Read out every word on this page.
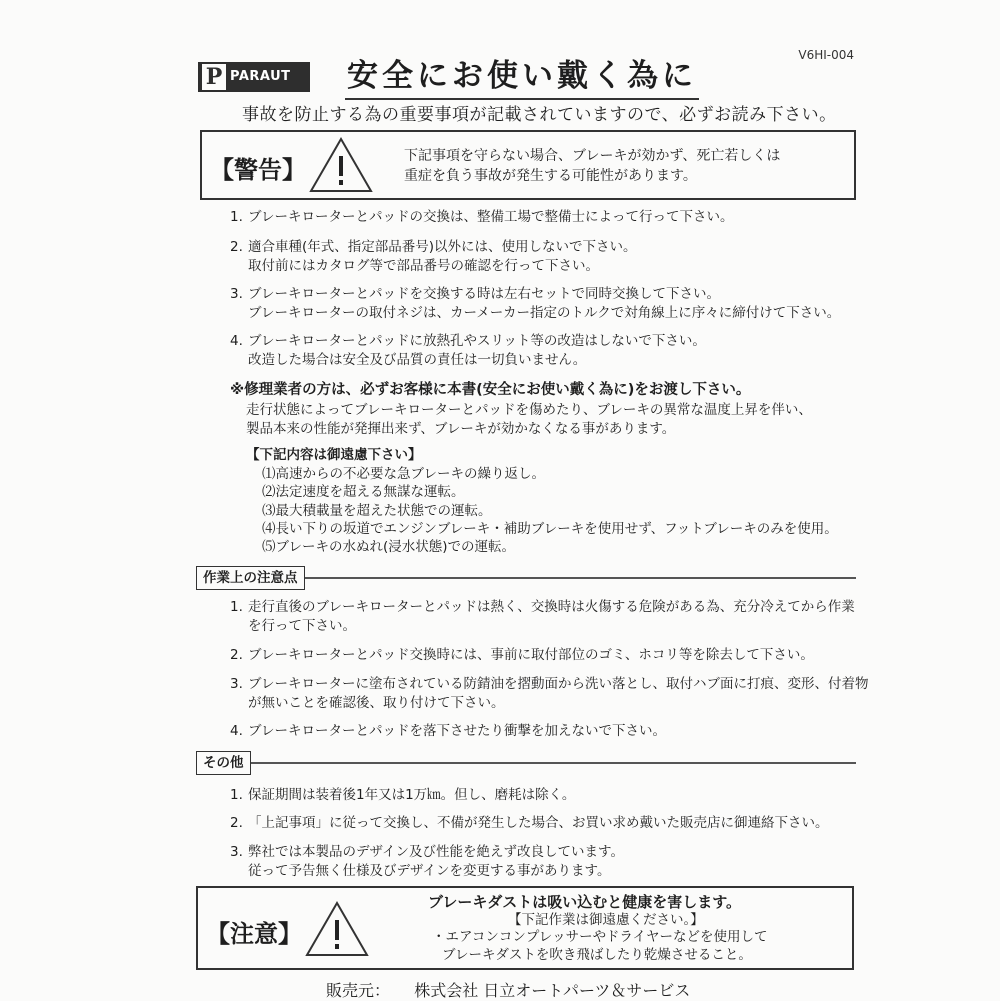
P PARAUT
V6HI-004
安全にお使い戴く為に
事故を防止する為の重要事項が記載されていますので、必ずお読み下さい。
【警告】	下記事項を守らない場合、ブレーキが効かず、死亡若しくは
重症を負う事故が発生する可能性があります。
1. ブレーキローターとパッドの交換は、整備工場で整備士によって行って下さい。
2. 適合車種(年式、指定部品番号)以外には、使用しないで下さい。
取付前にはカタログ等で部品番号の確認を行って下さい。
3. ブレーキローターとパッドを交換する時は左右セットで同時交換して下さい。
ブレーキローターの取付ネジは、カーメーカー指定のトルクで対角線上に序々に締付けて下さい。
4. ブレーキローターとパッドに放熱孔やスリット等の改造はしないで下さい。
改造した場合は安全及び品質の責任は一切負いません。
※修理業者の方は、必ずお客様に本書(安全にお使い戴く為に)をお渡し下さい。
走行状態によってブレーキローターとパッドを傷めたり、ブレーキの異常な温度上昇を伴い、
製品本来の性能が発揮出来ず、ブレーキが効かなくなる事があります。
【下記内容は御遠慮下さい】
⑴高速からの不必要な急ブレーキの繰り返し。
⑵法定速度を超える無謀な運転。
⑶最大積載量を超えた状態での運転。
⑷長い下りの坂道でエンジンブレーキ・補助ブレーキを使用せず、フットブレーキのみを使用。
⑸ブレーキの水ぬれ(浸水状態)での運転。
作業上の注意点
1. 走行直後のブレーキローターとパッドは熱く、交換時は火傷する危険がある為、充分冷えてから作業
を行って下さい。
2. ブレーキローターとパッド交換時には、事前に取付部位のゴミ、ホコリ等を除去して下さい。
3. ブレーキローターに塗布されている防錆油を摺動面から洗い落とし、取付ハブ面に打痕、変形、付着物
が無いことを確認後、取り付けて下さい。
4. ブレーキローターとパッドを落下させたり衝撃を加えないで下さい。
その他
1. 保証期間は装着後1年又は1万㎞。但し、磨耗は除く。
2. 「上記事項」に従って交換し、不備が発生した場合、お買い求め戴いた販売店に御連絡下さい。
3. 弊社では本製品のデザイン及び性能を絶えず改良しています。
従って予告無く仕様及びデザインを変更する事があります。
【注意】
ブレーキダストは吸い込むと健康を害します。
【下記作業は御遠慮ください。】
・エアコンコンプレッサーやドライヤーなどを使用して
ブレーキダストを吹き飛ばしたり乾燥させること。
販売元： 株式会社 日立オートパーツ＆サービス
